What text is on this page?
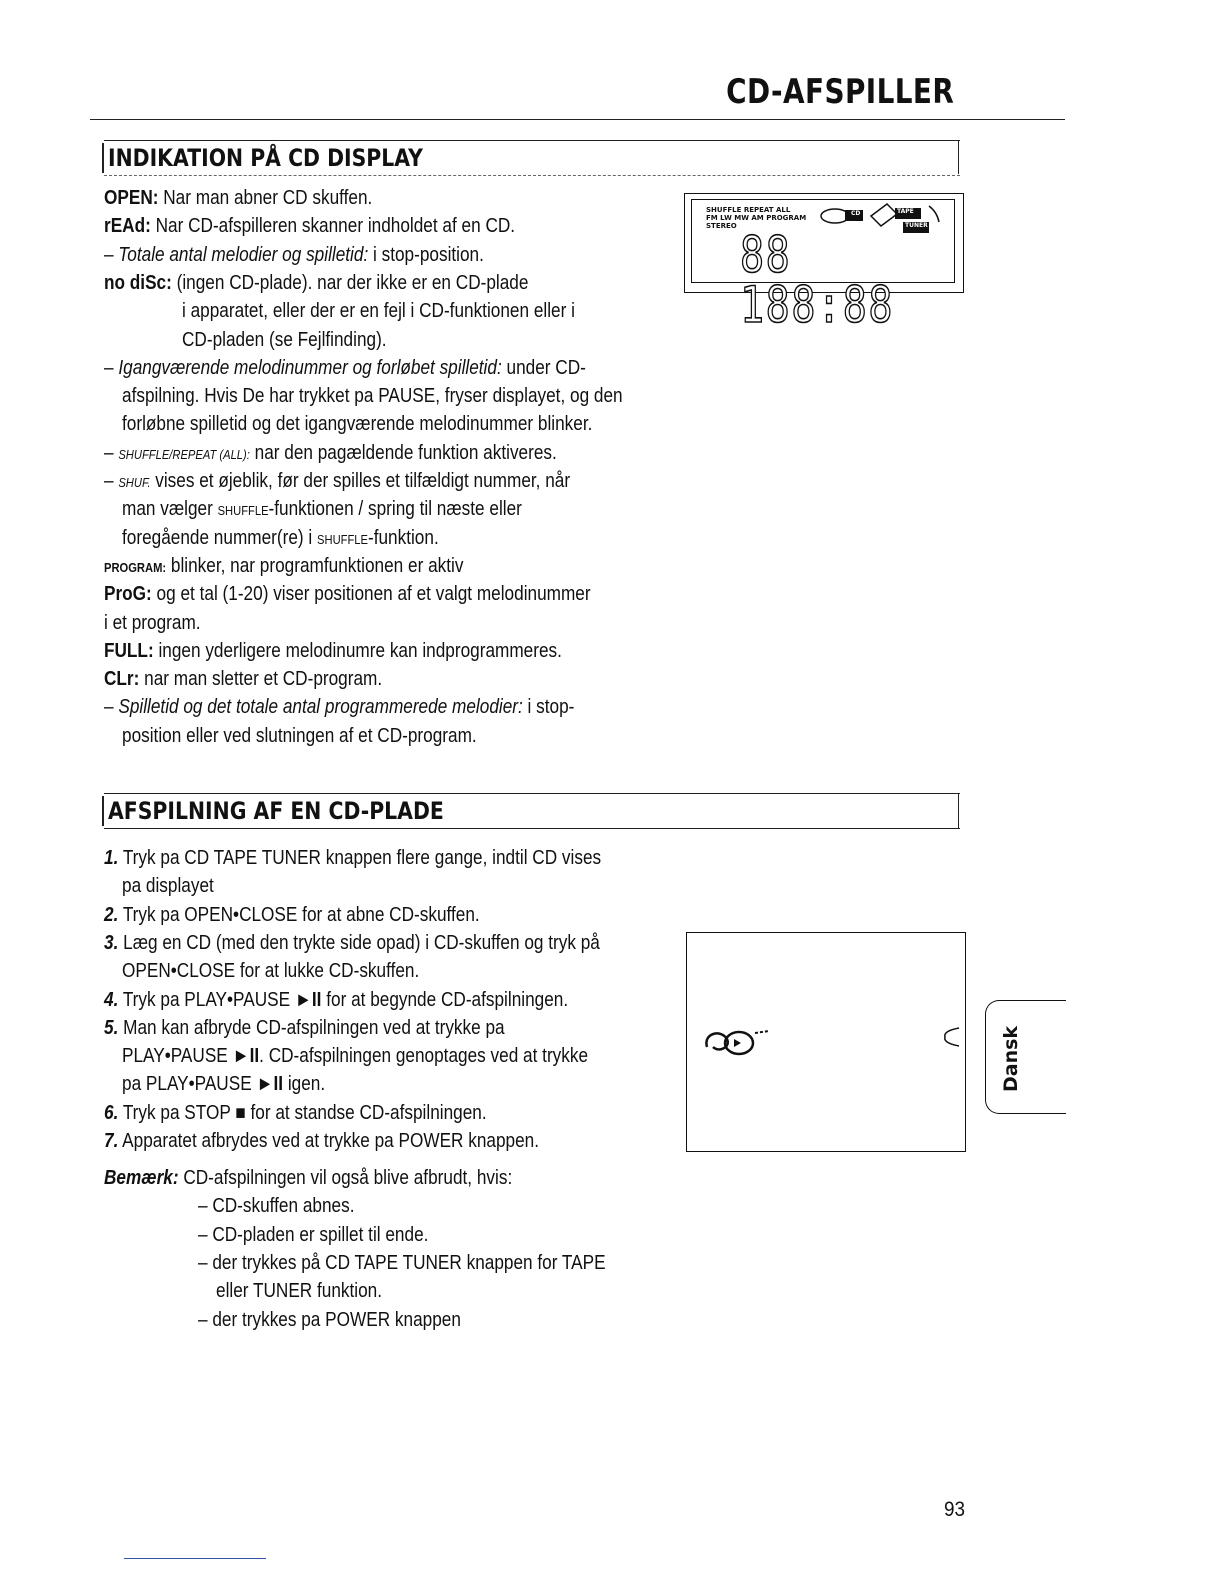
CD-AFSPILLER
INDIKATION PÅ CD DISPLAY
OPEN: Nar man abner CD skuffen.
rEAd: Nar CD-afspilleren skanner indholdet af en CD.
– Totale antal melodier og spilletid: i stop-position.
no diSc: (ingen CD-plade). nar der ikke er en CD-plade
i apparatet, eller der er en fejl i CD-funktionen eller i
CD-pladen (se Fejlfinding).
– Igangværende melodinummer og forløbet spilletid: under CD-
afspilning. Hvis De har trykket pa PAUSE, fryser displayet, og den
forløbne spilletid og det igangværende melodinummer blinker.
– SHUFFLE/REPEAT (ALL): nar den pagældende funktion aktiveres.
– SHUF. vises et øjeblik, før der spilles et tilfældigt nummer, når
man vælger SHUFFLE-funktionen / spring til næste eller
foregående nummer(re) i SHUFFLE-funktion.
PROGRAM: blinker, nar programfunktionen er aktiv
ProG: og et tal (1-20) viser positionen af et valgt melodinummer
i et program.
FULL: ingen yderligere melodinumre kan indprogrammeres.
CLr: nar man sletter et CD-program.
– Spilletid og det totale antal programmerede melodier: i stop-
position eller ved slutningen af et CD-program.
SHUFFLE REPEAT ALL
FM LW MW AM PROGRAM
STEREO
CD	TAPE
TUNER
88 188:88
AFSPILNING AF EN CD-PLADE
1. Tryk pa CD TAPE TUNER knappen flere gange, indtil CD vises
pa displayet
2. Tryk pa OPEN•CLOSE for at abne CD-skuffen.
3. Læg en CD (med den trykte side opad) i CD-skuffen og tryk på
OPEN•CLOSE for at lukke CD-skuffen.
4. Tryk pa PLAY•PAUSE ►II for at begynde CD-afspilningen.
5. Man kan afbryde CD-afspilningen ved at trykke pa
PLAY•PAUSE ►II. CD-afspilningen genoptages ved at trykke
pa PLAY•PAUSE ►II igen.
6. Tryk pa STOP ■ for at standse CD-afspilningen.
7. Apparatet afbrydes ved at trykke pa POWER knappen.
Bemærk: CD-afspilningen vil også blive afbrudt, hvis:
– CD-skuffen abnes.
– CD-pladen er spillet til ende.
– der trykkes på CD TAPE TUNER knappen for TAPE
eller TUNER funktion.
– der trykkes pa POWER knappen
Dansk
93
